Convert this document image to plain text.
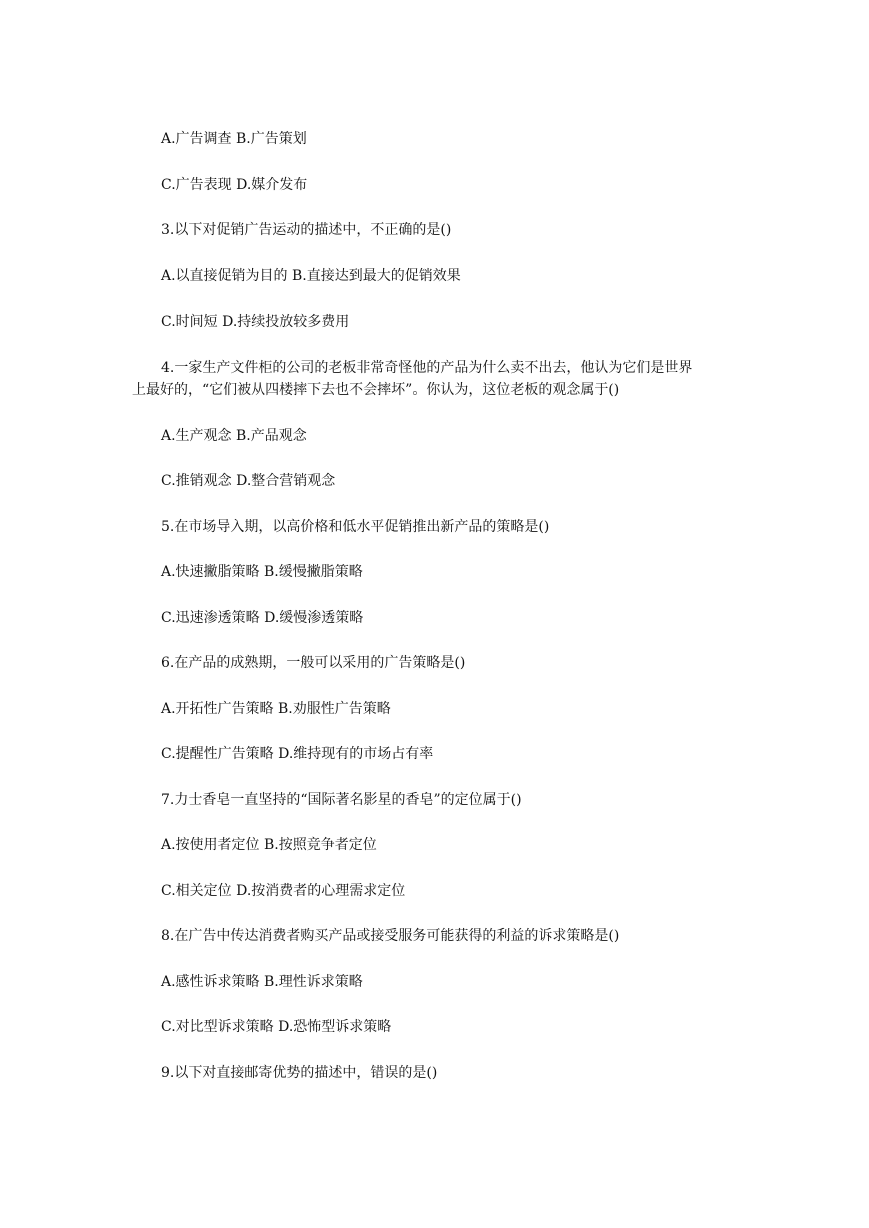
A.广告调查 B.广告策划

C.广告表现 D.媒介发布

3.以下对促销广告运动的描述中，不正确的是()

A.以直接促销为目的 B.直接达到最大的促销效果

C.时间短 D.持续投放较多费用

4.一家生产文件柜的公司的老板非常奇怪他的产品为什么卖不出去，他认为它们是世界

上最好的，“它们被从四楼摔下去也不会摔坏”。你认为，这位老板的观念属于()

A.生产观念 B.产品观念

C.推销观念 D.整合营销观念

5.在市场导入期，以高价格和低水平促销推出新产品的策略是()

A.快速撇脂策略 B.缓慢撇脂策略

C.迅速渗透策略 D.缓慢渗透策略

6.在产品的成熟期，一般可以采用的广告策略是()

A.开拓性广告策略 B.劝服性广告策略

C.提醒性广告策略 D.维持现有的市场占有率

7.力士香皂一直坚持的“国际著名影星的香皂”的定位属于()

A.按使用者定位 B.按照竞争者定位

C.相关定位 D.按消费者的心理需求定位

8.在广告中传达消费者购买产品或接受服务可能获得的利益的诉求策略是()

A.感性诉求策略 B.理性诉求策略

C.对比型诉求策略 D.恐怖型诉求策略

9.以下对直接邮寄优势的描述中，错误的是()
